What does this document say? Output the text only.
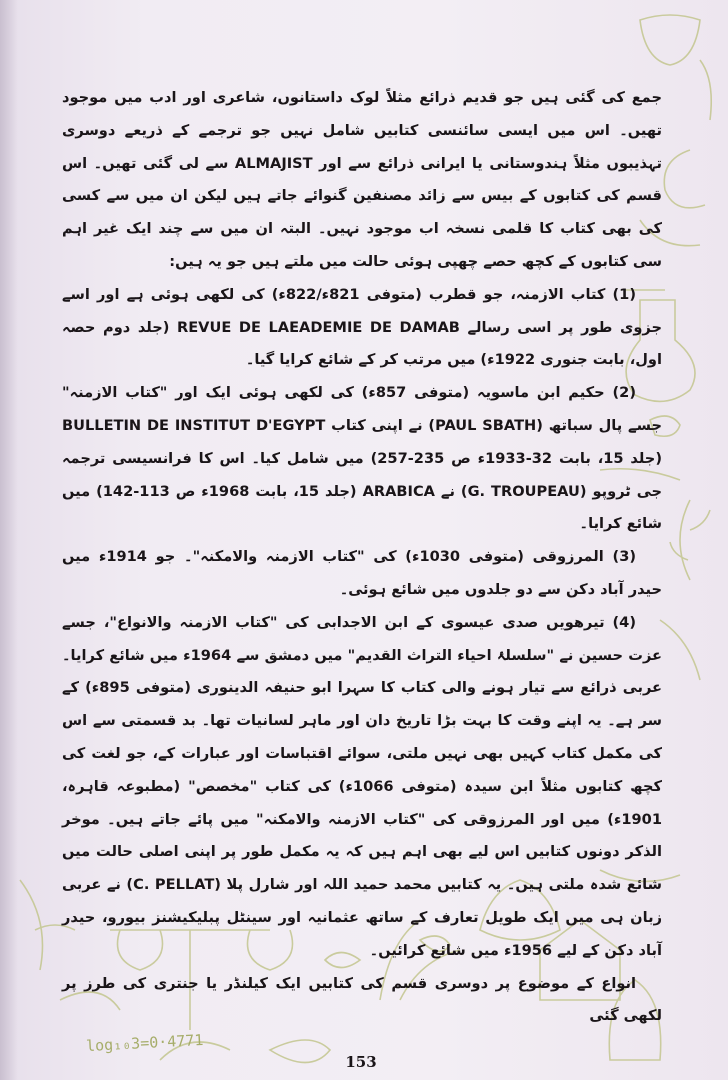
جمع کی گئی ہیں جو قدیم ذرائع مثلاً لوک داستانوں، شاعری اور ادب میں موجود تھیں۔ اس میں ایسی سائنسی کتابیں شامل نہیں جو ترجمے کے ذریعے دوسری تہذیبوں مثلاً ہندوستانی یا ایرانی ذرائع سے اور ALMAJIST سے لی گئی تھیں۔ اس قسم کی کتابوں کے بیس سے زائد مصنفین گنوائے جاتے ہیں لیکن ان میں سے کسی کی بھی کتاب کا قلمی نسخہ اب موجود نہیں۔ البتہ ان میں سے چند ایک غیر اہم سی کتابوں کے کچھ حصے چھپی ہوئی حالت میں ملتے ہیں جو یہ ہیں:

(1) کتاب الازمنہ، جو قطرب (متوفی 821ء/822ء) کی لکھی ہوئی ہے اور اسے جزوی طور پر اسی رسالے REVUE DE LAEADEMIE DE DAMAB (جلد دوم حصہ اول، بابت جنوری 1922ء) میں مرتب کر کے شائع کرایا گیا۔

(2) حکیم ابن ماسویہ (متوفی 857ء) کی لکھی ہوئی ایک اور "کتاب الازمنہ" جسے پال سباتھ (PAUL SBATH) نے اپنی کتاب BULLETIN DE INSTITUT D'EGYPT (جلد 15، بابت 32-1933ء ص 235-257) میں شامل کیا۔ اس کا فرانسیسی ترجمہ جی ٹروپو (G. TROUPEAU) نے ARABICA (جلد 15، بابت 1968ء ص 113-142) میں شائع کرایا۔

(3) المرزوقی (متوفی 1030ء) کی "کتاب الازمنہ والامکنہ"۔ جو 1914ء میں حیدر آباد دکن سے دو جلدوں میں شائع ہوئی۔

(4) تیرھویں صدی عیسوی کے ابن الاجدابی کی "کتاب الازمنہ والانواع"، جسے عزت حسین نے "سلسلۂ احیاء التراث القدیم" میں دمشق سے 1964ء میں شائع کرایا۔ عربی ذرائع سے تیار ہونے والی کتاب کا سہرا ابو حنیفہ الدینوری (متوفی 895ء) کے سر ہے۔ یہ اپنے وقت کا بہت بڑا تاریخ دان اور ماہر لسانیات تھا۔ بد قسمتی سے اس کی مکمل کتاب کہیں بھی نہیں ملتی، سوائے اقتباسات اور عبارات کے، جو لغت کی کچھ کتابوں مثلاً ابن سیدہ (متوفی 1066ء) کی کتاب "مخصص" (مطبوعہ قاہرہ، 1901ء) میں اور المرزوقی کی "کتاب الازمنہ والامکنہ" میں پائے جاتے ہیں۔ موخر الذکر دونوں کتابیں اس لیے بھی اہم ہیں کہ یہ مکمل طور پر اپنی اصلی حالت میں شائع شدہ ملتی ہیں۔ یہ کتابیں محمد حمید اللہ اور شارل پلا (C. PELLAT) نے عربی زبان ہی میں ایک طویل تعارف کے ساتھ عثمانیہ اور سینٹل پبلیکیشنز بیورو، حیدر آباد دکن کے لیے 1956ء میں شائع کرائیں۔

انواع کے موضوع پر دوسری قسم کی کتابیں ایک کیلنڈر یا جنتری کی طرز پر لکھی گئی

log₁₀3=0·4771
153
